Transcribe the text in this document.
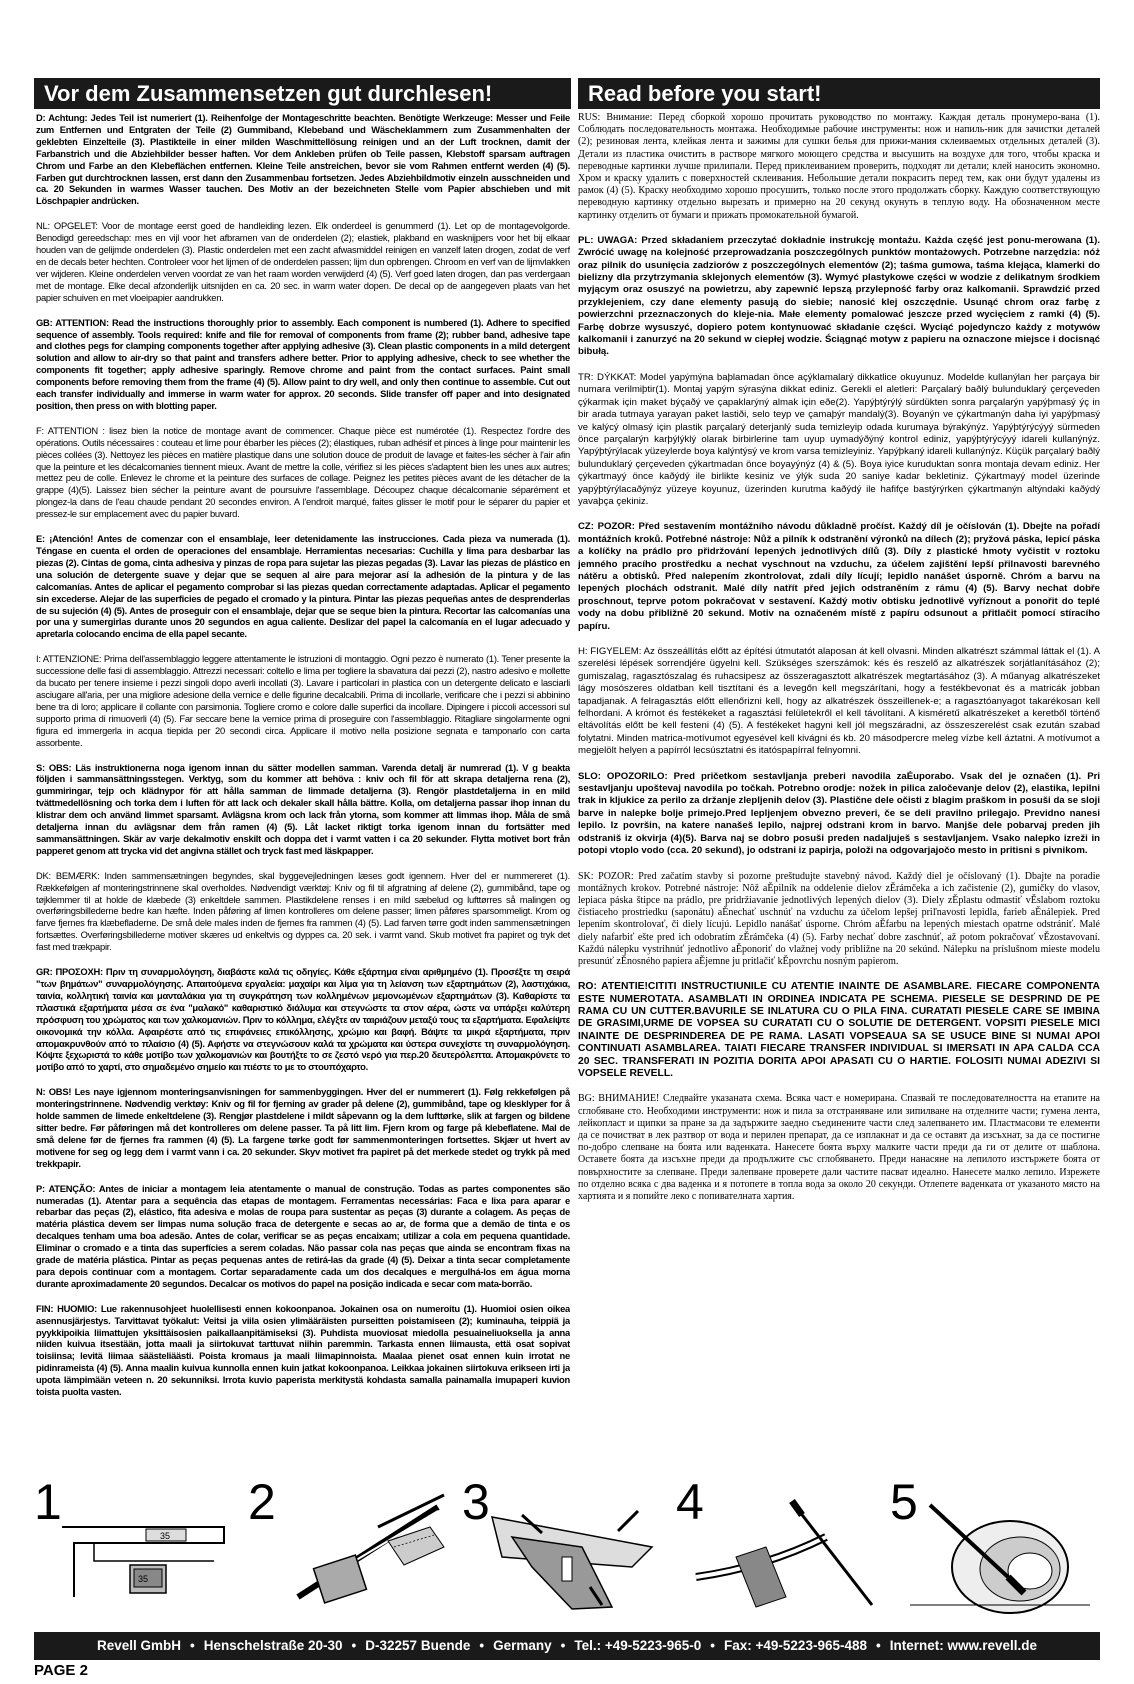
Vor dem Zusammensetzen gut durchlesen!	Read before you start!

D: Achtung: Jedes Teil ist numeriert (1). Reihenfolge der Montageschritte beachten. Benötigte Werkzeuge: Messer und Feile zum Entfernen und Entgraten der Teile (2) Gummiband, Klebeband und Wäscheklammern zum Zusammenhalten der geklebten Einzelteile (3). Plastikteile in einer milden Waschmittellösung reinigen und an der Luft trocknen, damit der Farbanstrich und die Abziehbilder besser haften. Vor dem Ankleben prüfen ob Teile passen, Klebstoff sparsam auftragen Chrom und Farbe an den Klebeflächen entfernen. Kleine Teile anstreichen, bevor sie vom Rahmen entfernt werden (4) (5). Farben gut durchtrocknen lassen, erst dann den Zusammenbau fortsetzen. Jedes Abziehbildmotiv einzeln ausschneiden und ca. 20 Sekunden in warmes Wasser tauchen. Des Motiv an der bezeichneten Stelle vom Papier abschieben und mit Löschpapier andrücken.

NL: OPGELET: Voor de montage eerst goed de handleiding lezen. Elk onderdeel is genummerd (1). Let op de montagevolgorde. Benodigd gereedschap: mes en vijl voor het afbramen van de onderdelen (2); elastiek, plakband en wasknijpers voor het bij elkaar houden van de gelijmde onderdelen (3). Plastic onderdelen met een zacht afwasmiddel reinigen en vanzelf laten drogen, zodat de verf en de decals beter hechten. Controleer voor het lijmen of de onderdelen passen; lijm dun opbrengen. Chroom en verf van de lijmvlakken ver wijderen. Kleine onderdelen verven voordat ze van het raam worden verwijderd (4) (5). Verf goed laten drogen, dan pas verdergaan met de montage. Elke decal afzonderlijk uitsnijden en ca. 20 sec. in warm water dopen. De decal op de aangegeven plaats van het papier schuiven en met vloeipapier aandrukken.

GB: ATTENTION: Read the instructions thoroughly prior to assembly. Each component is numbered (1). Adhere to specified sequence of assembly. Tools required: knife and file for removal of components from frame (2); rubber band, adhesive tape and clothes pegs for clamping components together after applying adhesive (3). Clean plastic components in a mild detergent solution and allow to air-dry so that paint and transfers adhere better. Prior to applying adhesive, check to see whether the components fit together; apply adhesive sparingly. Remove chrome and paint from the contact surfaces. Paint small components before removing them from the frame (4) (5). Allow paint to dry well, and only then continue to assemble. Cut out each transfer individually and immerse in warm water for approx. 20 seconds. Slide transfer off paper and into designated position, then press on with blotting paper.

F: ATTENTION : lisez bien la notice de montage avant de commencer. Chaque pièce est numérotée (1). Respectez l'ordre des opérations. Outils nécessaires : couteau et lime pour ébarber les pièces (2); élastiques, ruban adhésif et pinces à linge pour maintenir les pièces collées (3). Nettoyez les pièces en matière plastique dans une solution douce de produit de lavage et faites-les sécher à l'air afin que la peinture et les décalcomanies tiennent mieux. Avant de mettre la colle, vérifiez si les pièces s'adaptent bien les unes aux autres; mettez peu de colle. Enlevez le chrome et la peinture des surfaces de collage. Peignez les petites pièces avant de les détacher de la grappe (4)(5). Laissez bien sécher la peinture avant de poursuivre l'assemblage. Découpez chaque décalcomanie séparément et plongez-la dans de l'eau chaude pendant 20 secondes environ. A l'endroit marqué, faites glisser le motif pour le séparer du papier et pressez-le sur emplacement avec du papier buvard.

E: ¡Atención! Antes de comenzar con el ensamblaje, leer detenidamente las instrucciones. Cada pieza va numerada (1). Téngase en cuenta el orden de operaciones del ensamblaje. Herramientas necesarias: Cuchilla y lima para desbarbar las piezas (2). Cintas de goma, cinta adhesiva y pinzas de ropa para sujetar las piezas pegadas (3). Lavar las piezas de plástico en una solución de detergente suave y dejar que se sequen al aire para mejorar así la adhesión de la pintura y de las calcomanías. Antes de aplicar el pegamento comprobar si las piezas quedan correctamente adaptadas. Aplicar el pegamento sin excederse. Alejar de las superficies de pegado el cromado y la pintura. Pintar las piezas pequeñas antes de desprenderlas de su sujeción (4) (5). Antes de proseguir con el ensamblaje, dejar que se seque bien la pintura. Recortar las calcomanías una por una y sumergirlas durante unos 20 segundos en agua caliente. Deslizar del papel la calcomanía en el lugar adecuado y apretarla colocando encima de ella papel secante.

I: ATTENZIONE: Prima dell'assemblaggio leggere attentamente le istruzioni di montaggio. Ogni pezzo è numerato (1). Tener presente la successione delle fasi di assemblaggio. Attrezzi necessari: coltello e lima per togliere la sbavatura dai pezzi (2), nastro adesivo e mollette da bucato per tenere insieme i pezzi singoli dopo averli incollati (3). Lavare i particolari in plastica con un detergente delicato e lasciarli asciugare all'aria, per una migliore adesione della vernice e delle figurine decalcabili. Prima di incollarle, verificare che i pezzi si abbinino bene tra di loro; applicare il collante con parsimonia. Togliere cromo e colore dalle superfici da incollare. Dipingere i piccoli accessori sul supporto prima di rimuoverli (4) (5). Far seccare bene la vernice prima di proseguire con l'assemblaggio. Ritagliare singolarmente ogni figura ed immergerla in acqua tiepida per 20 secondi circa. Applicare il motivo nella posizione segnata e tamponarlo con carta assorbente.

S: OBS: Läs instruktionerna noga igenom innan du sätter modellen samman. Varenda detalj är numrerad (1). V g beakta följden i sammansättningsstegen. Verktyg, som du kommer att behöva : kniv och fil för att skrapa detaljerna rena (2), gummiringar, tejp och klädnypor för att hålla samman de limmade detaljerna (3). Rengör plastdetaljerna in en mild tvättmedellösning och torka dem i luften för att lack och dekaler skall hålla bättre. Kolla, om detaljerna passar ihop innan du klistrar dem och använd limmet sparsamt. Avlägsna krom och lack från ytorna, som kommer att limmas ihop. Måla de små detaljerna innan du avlägsnar dem från ramen (4) (5). Låt lacket riktigt torka igenom innan du fortsätter med sammansättningen. Skär av varje dekalmotiv enskilt och doppa det i varmt vatten i ca 20 sekunder. Flytta motivet bort från papperet genom att trycka vid det angivna stället och tryck fast med läskpapper.

DK: BEMÆRK: Inden sammensætningen begyndes, skal byggevejledningen læses godt igennem. Hver del er nummereret (1). Rækkefølgen af monteringstrinnene skal overholdes. Nødvendigt værktøj: Kniv og fil til afgratning af delene (2), gummibånd, tape og tøjklemmer til at holde de klæbede (3) enkeltdele sammen. Plastikdelene renses i en mild sæbelud og lufttørres så malingen og overføringsbillederne bedre kan hæfte. Inden påføring af limen kontrolleres om delene passer; limen påføres sparsommeligt. Krom og farve fjernes fra klæbefladerne. De små dele males inden de fjernes fra rammen (4) (5). Lad farven tørre godt inden sammensætningen fortsættes. Overføringsbillederne motiver skæres ud enkeltvis og dyppes ca. 20 sek. i varmt vand. Skub motivet fra papiret og tryk det fast med trækpapir.

GR: ΠΡΟΣΟΧΗ: Πριν τη συναρμολόγηση, διαβάστε καλά τις οδηγίες. Κάθε εξάρτημα είναι αριθμημένο (1). Προσέξτε τη σειρά "των βημάτων" συναρμολόγησης. Απαιτούμενα εργαλεία: μαχαίρι και λίμα για τη λείανση των εξαρτημάτων (2), λαστιχάκια, ταινία, κολλητική ταινία και μανταλάκια για τη συγκράτηση των κολλημένων μεμονωμένων εξαρτημάτων (3). Καθαρίστε τα πλαστικά εξαρτήματα μέσα σε ένα "μαλακό" καθαριστικό διάλυμα και στεγνώστε τα στον αέρα, ώστε να υπάρξει καλύτερη πρόσφυση του χρώματος και των χαλκομανιών. Πριν το κόλλημα, ελέγξτε αν ταιριάζουν μεταξύ τους τα εξαρτήματα. Εφαλείψτε οικονομικά την κόλλα. Αφαιρέστε από τις επιφάνειες επικόλλησης, χρώμιο και βαφή. Βάψτε τα μικρά εξαρτήματα, πριν απομακρυνθούν από το πλαίσιο (4) (5). Αφήστε να στεγνώσουν καλά τα χρώματα και ύστερα συνεχίστε τη συναρμολόγηση. Κόψτε ξεχωριστά το κάθε μοτίβο των χαλκομανιών και βουτήξτε το σε ζεστό νερό για περ.20 δευτερόλεπτα. Απομακρύνετε το μοτίβο από το χαρτί, στο σημαδεμένο σημείο και πιέστε το με το στουπόχαρτο.

N: OBS! Les naye igjennom monteringsanvisningen for sammenbyggingen. Hver del er nummerert (1). Følg rekkefølgen på monteringstrinnene. Nødvendig verktøy: Kniv og fil for fjerning av grader på delene (2), gummibånd, tape og klesklyper for å holde sammen de limede enkeltdelene (3). Rengjør plastdelene i mildt såpevann og la dem lufttørke, slik at fargen og bildene sitter bedre. Før påføringen må det kontrolleres om delene passer. Ta på litt lim. Fjern krom og farge på klebeflatene. Mal de små delene før de fjernes fra rammen (4) (5). La fargene tørke godt før sammenmonteringen fortsettes. Skjær ut hvert av motivene for seg og legg dem i varmt vann i ca. 20 sekunder. Skyv motivet fra papiret på det merkede stedet og trykk på med trekkpapir.

P: ATENÇÃO: Antes de iniciar a montagem leia atentamente o manual de construção. Todas as partes componentes são numeradas (1). Atentar para a sequência das etapas de montagem. Ferramentas necessárias: Faca e lixa para aparar e rebarbar das peças (2), elástico, fita adesiva e molas de roupa para sustentar as peças (3) durante a colagem. As peças de matéria plástica devem ser limpas numa solução fraca de detergente e secas ao ar, de forma que a demão de tinta e os decalques tenham uma boa adesão. Antes de colar, verificar se as peças encaixam; utilizar a cola em pequena quantidade. Eliminar o cromado e a tinta das superfícies a serem coladas. Não passar cola nas peças que ainda se encontram fixas na grade de matéria plástica. Pintar as peças pequenas antes de retirá-las da grade (4) (5). Deixar a tinta secar completamente para depois continuar com a montagem. Cortar separadamente cada um dos decalques e mergulhá-los em água morna durante aproximadamente 20 segundos. Decalcar os motivos do papel na posição indicada e secar com mata-borrão.

FIN: HUOMIO: Lue rakennusohjeet huolellisesti ennen kokoonpanoa. Jokainen osa on numeroitu (1). Huomioi osien oikea asennusjärjestys. Tarvittavat työkalut: Veitsi ja viila osien ylimääräisten purseitten poistamiseen (2); kuminauha, teippiä ja pyykkipoikia liimattujen yksittäisosien paikallaanpitämiseksi (3). Puhdista muoviosat miedolla pesuaineliuoksella ja anna niiden kuivua itsestään, jotta maali ja siirtokuvat tarttuvat niihin paremmin. Tarkasta ennen liimausta, että osat sopivat toisiinsa; levitä liimaa säästeliäästi. Poista kromaus ja maali liimapinnoista. Maalaa pienet osat ennen kuin irrotat ne pidinrameista (4) (5). Anna maalin kuivua kunnolla ennen kuin jatkat kokoonpanoa. Leikkaa jokainen siirtokuva erikseen irti ja upota lämpimään veteen n. 20 sekunniksi. Irrota kuvio paperista merkitystä kohdasta samalla painamalla imupaperi kuvion toista puolta vasten.

RUS: Внимание: Перед сборкой хорошо прочитать руководство по монтажу. Каждая деталь пронумеро-вана (1). Соблюдать последовательность монтажа. Необходимые рабочие инструменты: нож и напиль-ник для зачистки деталей (2); резиновая лента, клейкая лента и зажимы для сушки белья для прижи-мания склеиваемых отдельных деталей (3). Детали из пластика очистить в растворе мягкого моющего средства и высушить на воздухе для того, чтобы краска и переводные картинки лучше прилипали. Перед приклеиванием проверить, подходят ли детали; клей наносить экономно. Хром и краску удалить с поверхностей склеивания. Небольшие детали покрасить перед тем, как они будут удалены из рамок (4) (5). Краску необходимо хорошо просушить, только после этого продолжать сборку. Каждую соответствующую переводную картинку отдельно вырезать и примерно на 20 секунд окунуть в теплую воду. На обозначенном месте картинку отделить от бумаги и прижать промокательной бумагой.

PL: UWAGA: Przed składaniem przeczytać dokładnie instrukcję montażu. Każda część jest ponu-merowana (1). Zwrócić uwagę na kolejność przeprowadzania poszczególnych punktów montażowych. Potrzebne narzędzia: nóż oraz pilnik do usunięcia zadziorów z poszczególnych elementów (2); taśma gumowa, taśma klejąca, klamerki do bielizny dla przytrzymania sklejonych elementów (3). Wymyć plastykowe części w wodzie z delikatnym środkiem myjącym oraz osuszyć na powietrzu, aby zapewnić lepszą przylepność farby oraz kalkomanii. Sprawdzić przed przyklejeniem, czy dane elementy pasują do siebie; nanosić klej oszczędnie. Usunąć chrom oraz farbę z powierzchni przeznaczonych do kleje-nia. Małe elementy pomalować jeszcze przed wycięciem z ramki (4) (5). Farbę dobrze wysuszyć, dopiero potem kontynuować składanie części. Wyciąć pojedynczo każdy z motywów kalkomanii i zanurzyć na 20 sekund w ciepłej wodzie. Ściągnąć motyw z papieru na oznaczone miejsce i docisnąć bibułą.

TR: DÝKKAT: Model yapýmýna baþlamadan önce açýklamalarý dikkatlice okuyunuz. Modelde kullanýlan her parçaya bir numara verilmiþtir(1). Montaj yapým sýrasýna dikkat ediniz. Gerekli el aletleri: Parçalarý baðlý bulunduklarý çerçeveden çýkarmak için maket býçaðý ve çapaklarýný almak için eðe(2). Yapýþtýrýlý sürdükten sonra parçalarýn yapýþmasý ýç in bir arada tutmaya yarayan paket lastiði, selo teyp ve çamaþýr mandalý(3). Boyanýn ve çýkartmanýn daha iyi yapýþmasý ve kalýcý olmasý için plastik parçalarý deterjanlý suda temizleyip odada kurumaya býrakýnýz. Yapýþtýrýcýyý sürmeden önce parçalarýn karþýlýklý olarak birbirlerine tam uyup uymadýðýný kontrol ediniz, yapýþtýrýcýyý idareli kullanýnýz. Yapýþtýrýlacak yüzeylerde boya kalýntýsý ve krom varsa temizleyiniz. Yapýþkaný idareli kullanýnýz. Küçük parçalarý baðlý bulunduklarý çerçeveden çýkartmadan önce boyayýnýz (4) & (5). Boya iyice kuruduktan sonra montaja devam ediniz. Her çýkartmayý önce kaðýdý ile birlikte kesiniz ve ýlýk suda 20 saniye kadar bekletiniz. Çýkartmayý model üzerinde yapýþtýrýlacaðýnýz yüzeye koyunuz, üzerinden kurutma kaðýdý ile hafifçe bastýrýrken çýkartmanýn altýndaki kaðýdý yavaþça çekiniz.

CZ: POZOR: Před sestavením montážního návodu důkladně pročíst. Každý díl je očíslován (1). Dbejte na pořadí montážních kroků. Potřebné nástroje: Nůž a pilník k odstranění výronků na dílech (2); pryžová páska, lepicí páska a kolíčky na prádlo pro přidržování lepených jednotlivých dílů (3). Díly z plastické hmoty vyčistit v roztoku jemného pracího prostředku a nechat vyschnout na vzduchu, za účelem zajištění lepší přilnavosti barevného nátěru a obtisků. Před nalepením zkontrolovat, zdali díly lícují; lepidlo nanášet úsporně. Chróm a barvu na lepených plochách odstranit. Malé díly natřít před jejich odstraněním z rámu (4) (5). Barvy nechat dobře proschnout, teprve potom pokračovat v sestavení. Každý motiv obtisku jednotlivě vyříznout a ponořit do teplé vody na dobu přibližně 20 sekund. Motiv na označeném místě z papíru odsunout a přitlačit pomocí stíracího papíru.

H: FIGYELEM: Az összeállítás előtt az építési útmutatót alaposan át kell olvasni. Minden alkatrészt számmal láttak el (1). A szerelési lépések sorrendjére ügyelni kell. Szükséges szerszámok: kés és reszelő az alkatrészek sorjátlanításához (2); gumiszalag, ragasztószalag és ruhacsipesz az összeragasztott alkatrészek megtartásához (3). A műanyag alkatrészeket lágy mosószeres oldatban kell tisztítani és a levegőn kell megszárítani, hogy a festékbevonat és a matricák jobban tapadjanak. A felragasztás előtt ellenőrizni kell, hogy az alkatrészek összeillenek-e; a ragasztóanyagot takarékosan kell felhordani. A krómot és festékeket a ragasztási felületekről el kell távolítani. A kisméretű alkatrészeket a keretből történő eltávolítás előtt be kell festeni (4) (5). A festékeket hagyni kell jól megszáradni, az összeszerelést csak ezután szabad folytatni. Minden matrica-motívumot egyesével kell kivágni és kb. 20 másodpercre meleg vízbe kell áztatni. A motívumot a megjelölt helyen a papírról lecsúsztatni és itatóspapírral felnyomni.

SLO: OPOZORILO: Pred pričetkom sestavljanja preberi navodila zaÉuporabo. Vsak del je označen (1). Pri sestavljanju upoštevaj navodila po točkah. Potrebno orodje: nožek in pilica zaločevanje delov (2), elastika, lepilni trak in kljukice za perilo za držanje zlepljenih delov (3). Plastične dele očisti z blagim praškom in posuši da se sloji barve in nalepke bolje primejo.Pred lepljenjem obvezno preveri, če se deli pravilno prilegajo. Previdno nanesi lepilo. Iz površin, na katere nanašeš lepilo, najprej odstrani krom in barvo. Manjše dele pobarvaj preden jih odstraniš iz okvirja (4)(5). Barva naj se dobro posuši preden nadaljuješ s sestavljanjem. Vsako nalepko izreži in potopi vtoplo vodo (cca. 20 sekund), jo odstrani iz papirja, položi na odgovarjajočo mesto in pritisni s pivnikom.

SK: POZOR: Pred začatím stavby si pozorne preštudujte stavebný návod. Každý diel je očíslovaný (1). Dbajte na poradie montážnych krokov. Potrebné nástroje: Nôž aĚpilník na oddelenie dielov zĚrámčeka a ich začistenie (2), gumičky do vlasov, lepiaca páska štipce na prádlo, pre pridržiavanie jednotlivých lepených dielov (3). Diely zĚplastu odmastiť vĚslabom roztoku čistiaceho prostriedku (saponátu) aĚnechať uschnúť na vzduchu za účelom lepšej priľnavosti lepidla, farieb aĚnálepiek. Pred lepením skontrolovať, či diely lícujú. Lepidlo nanášať úsporne. Chróm aĚfarbu na lepených miestach opatrne odstrániť. Malé diely nafarbiť ešte pred ich odobratím zĚrámčeka (4) (5). Farby nechať dobre zaschnúť, až potom pokračovať vĚzostavovaní. Každú nálepku vystrihnúť jednotlivo aĚponoriť do vlažnej vody približne na 20 sekúnd. Nálepku na príslušnom mieste modelu presunúť zĚnosného papiera aĚjemne ju pritlačiť kĚpovrchu nosným papierom.

RO: ATENTIE!CITITI INSTRUCTIUNILE CU ATENTIE INAINTE DE ASAMBLARE. FIECARE COMPONENTA ESTE NUMEROTATA. ASAMBLATI IN ORDINEA INDICATA PE SCHEMA. PIESELE SE DESPRIND DE PE RAMA CU UN CUTTER.BAVURILE SE INLATURA CU O PILA FINA. CURATATI PIESELE CARE SE IMBINA DE GRASIMI,URME DE VOPSEA SU CURATATI CU O SOLUTIE DE DETERGENT. VOPSITI PIESELE MICI INAINTE DE DESPRINDEREA DE PE RAMA. LASATI VOPSEAUA SA SE USUCE BINE SI NUMAI APOI CONTINUATI ASAMBLAREA. TAIATI FIECARE TRANSFER INDIVIDUAL SI IMERSATI IN APA CALDA CCA 20 SEC. TRANSFERATI IN POZITIA DORITA APOI APASATI CU O HARTIE. FOLOSITI NUMAI ADEZIVI SI VOPSELE REVELL.

BG: ВНИМАНИЕ! Следвайте указаната схема. Всяка част е номерирана. Спазвай те последователността на етапите на сглобяване сто. Необходими инструменти: нож и пила за отстраняване или зипилване на отделните части; гумена лента, лейкопласт и щипки за пране за да задържите заедно съединените части след залепването им. Пластмасови те елементи да се почистват в лек разтвор от вода и перилен препарат, да се изплакнат и да се оставят да изсъхнат, за да се постигне по-добро слепване на боята или ваденката. Нанесете боята върху малките части преди да ги от делите от шаблона. Оставете боята да изсъхне преди да продължите със сглобяването. Преди нанасяне на лепилото изстържете боята от повърхностите за слепване. Преди залепване проверете дали частите пасват идеално. Нанесете малко лепило. Изрежете по отделно всяка с два ваденка и я потопете в топла вода за около 20 секунди. Отлепете ваденката от указаното място на хартията и я попийте леко с попивателната хартия.

1
35
35
2	3	4	5
Revell GmbH • Henschelstraße 20-30 • D-32257 Buende • Germany • Tel.: +49-5223-965-0 • Fax: +49-5223-965-488 • Internet: www.revell.de
PAGE 2
